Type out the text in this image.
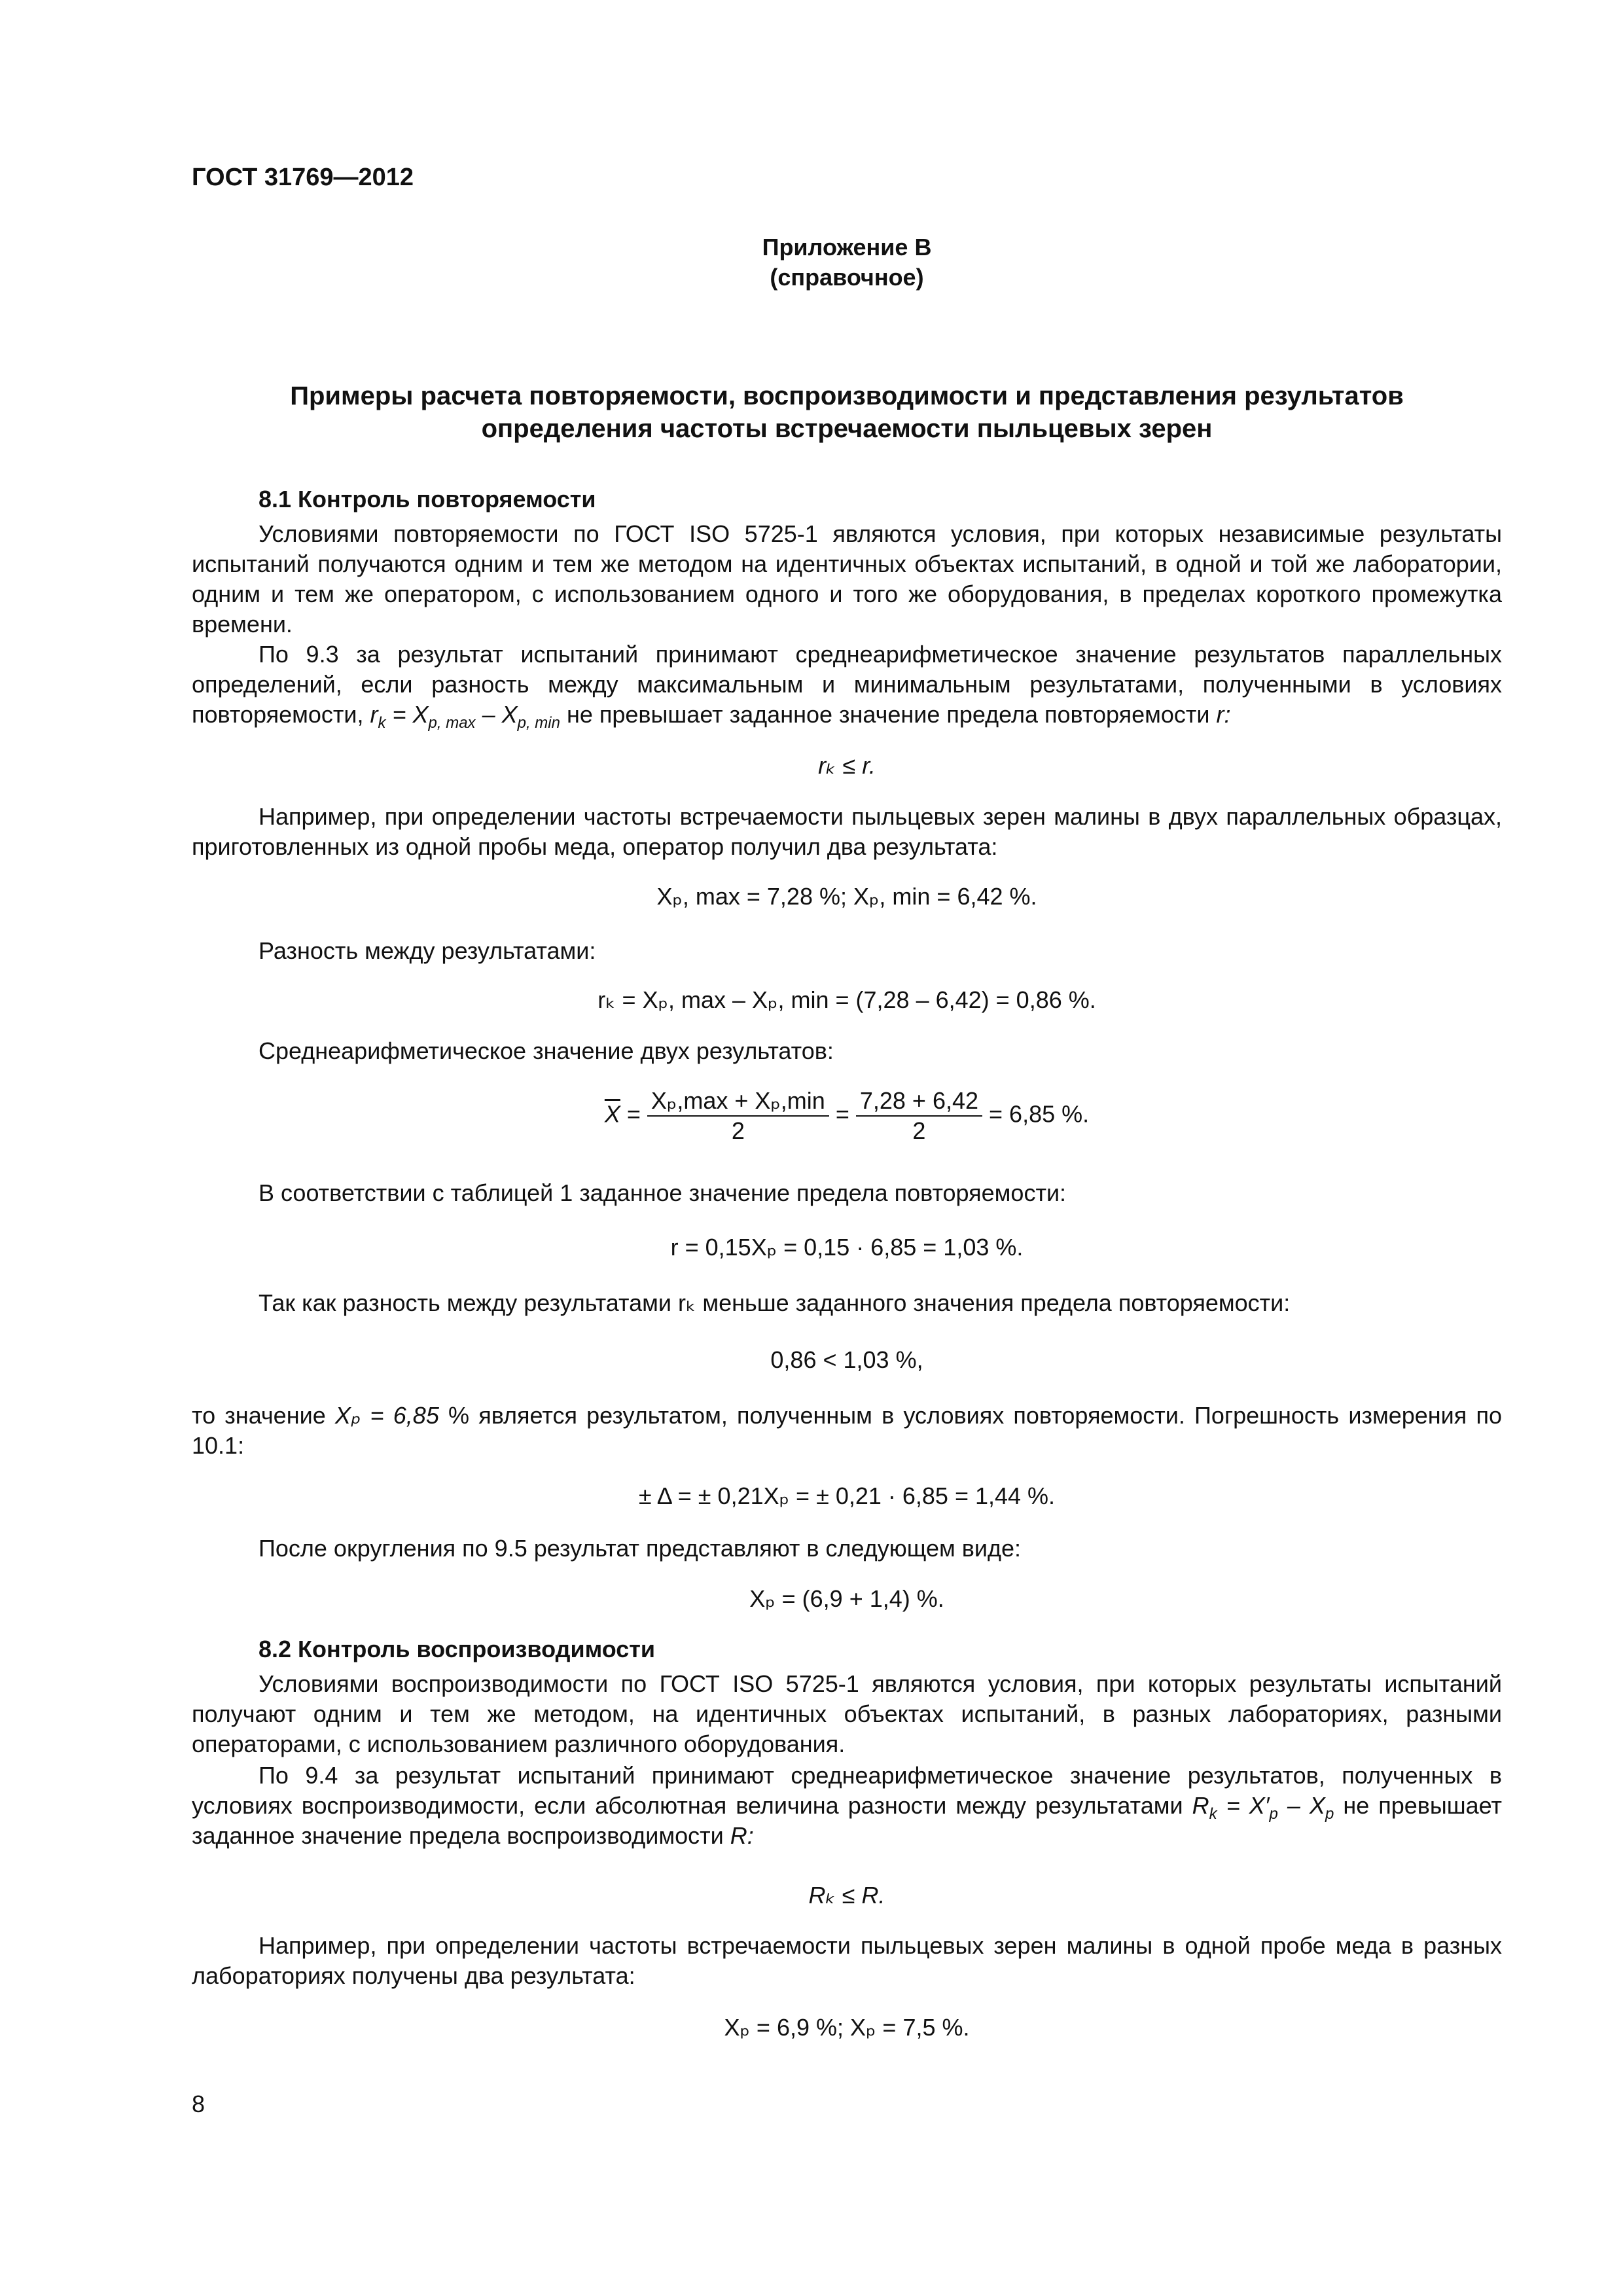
ГОСТ 31769—2012
Приложение В
(справочное)
Примеры расчета повторяемости, воспроизводимости и представления результатов
определения частоты встречаемости пыльцевых зерен
8.1 Контроль повторяемости
Условиями повторяемости по ГОСТ ISO 5725-1 являются условия, при которых независимые результаты испытаний получаются одним и тем же методом на идентичных объектах испытаний, в одной и той же лаборатории, одним и тем же оператором, с использованием одного и того же оборудования, в пределах короткого промежутка времени.
По 9.3 за результат испытаний принимают среднеарифметическое значение результатов параллельных определений, если разность между максимальным и минимальным результатами, полученными в условиях повторяемости, $r_k = X_{p, max} - X_{p, min}$ не превышает заданное значение предела повторяемости r:
rₖ ≤ r.
Например, при определении частоты встречаемости пыльцевых зерен малины в двух параллельных образцах, приготовленных из одной пробы меда, оператор получил два результата:
Xₚ, max = 7,28 %; Xₚ, min = 6,42 %.
Разность между результатами:
rₖ = Xₚ, max – Xₚ, min = (7,28 – 6,42) = 0,86 %.
Среднеарифметическое значение двух результатов:
$\overline{X} = \frac{\text{Xₚ,max + Xₚ,min}}{2} = \frac{7,28 + 6,42}{2} = 6,85$ %.
В соответствии с таблицей 1 заданное значение предела повторяемости:
r = 0,15Xₚ = 0,15 · 6,85 = 1,03 %.
Так как разность между результатами rₖ меньше заданного значения предела повторяемости:
0,86 < 1,03 %,
то значение Xₚ = 6,85 % является результатом, полученным в условиях повторяемости. Погрешность измерения по 10.1:
± Δ = ± 0,21Xₚ = ± 0,21 · 6,85 = 1,44 %.
После округления по 9.5 результат представляют в следующем виде:
Xₚ = (6,9 + 1,4) %.
8.2 Контроль воспроизводимости
Условиями воспроизводимости по ГОСТ ISO 5725-1 являются условия, при которых результаты испытаний получают одним и тем же методом, на идентичных объектах испытаний, в разных лабораториях, разными операторами, с использованием различного оборудования.
По 9.4 за результат испытаний принимают среднеарифметическое значение результатов, полученных в условиях воспроизводимости, если абсолютная величина разности между результатами $R_k = X'_p - X_p$ не превышает заданное значение предела воспроизводимости R:
Rₖ ≤ R.
Например, при определении частоты встречаемости пыльцевых зерен малины в одной пробе меда в разных лабораториях получены два результата:
Xₚ = 6,9 %; Xₚ = 7,5 %.
8
